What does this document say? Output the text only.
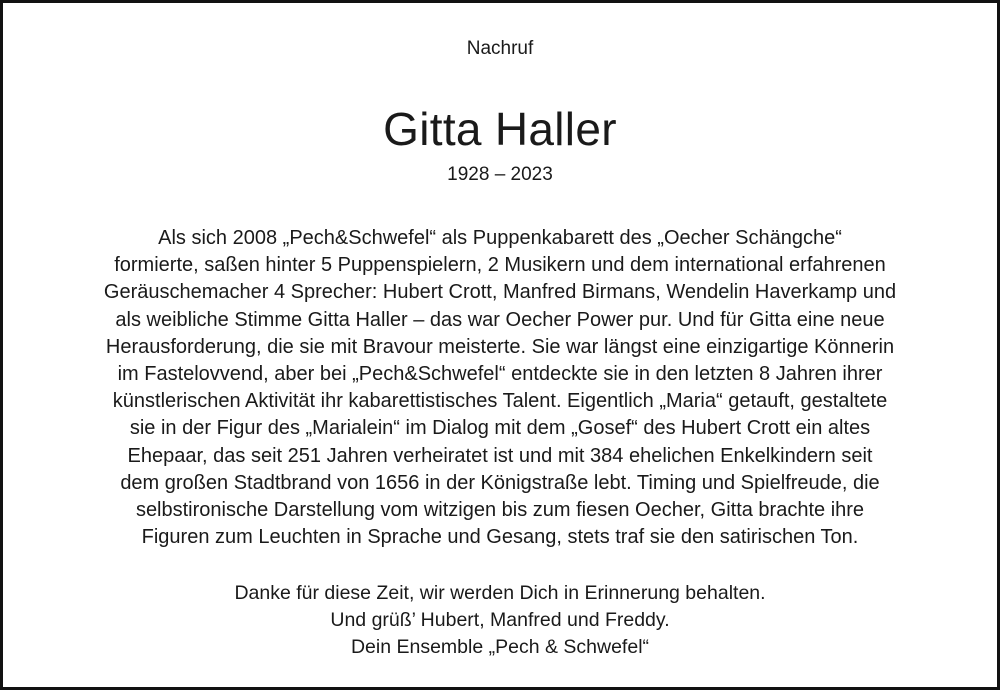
Nachruf
Gitta Haller
1928 – 2023
Als sich 2008 „Pech&Schwefel“ als Puppenkabarett des „Oecher Schängche“
formierte, saßen hinter 5 Puppenspielern, 2 Musikern und dem international erfahrenen
Geräuschemacher 4 Sprecher: Hubert Crott, Manfred Birmans, Wendelin Haverkamp und
als weibliche Stimme Gitta Haller – das war Oecher Power pur. Und für Gitta eine neue
Herausforderung, die sie mit Bravour meisterte. Sie war längst eine einzigartige Könnerin
im Fastelovvend, aber bei „Pech&Schwefel“ entdeckte sie in den letzten 8 Jahren ihrer
künstlerischen Aktivität ihr kabarettistisches Talent. Eigentlich „Maria“ getauft, gestaltete
sie in der Figur des „Marialein“ im Dialog mit dem „Gosef“ des Hubert Crott ein altes
Ehepaar, das seit 251 Jahren verheiratet ist und mit 384 ehelichen Enkelkindern seit
dem großen Stadtbrand von 1656 in der Königstraße lebt. Timing und Spielfreude, die
selbstironische Darstellung vom witzigen bis zum fiesen Oecher, Gitta brachte ihre
Figuren zum Leuchten in Sprache und Gesang, stets traf sie den satirischen Ton.
Danke für diese Zeit, wir werden Dich in Erinnerung behalten.
Und grüß’ Hubert, Manfred und Freddy.
Dein Ensemble „Pech & Schwefel“
